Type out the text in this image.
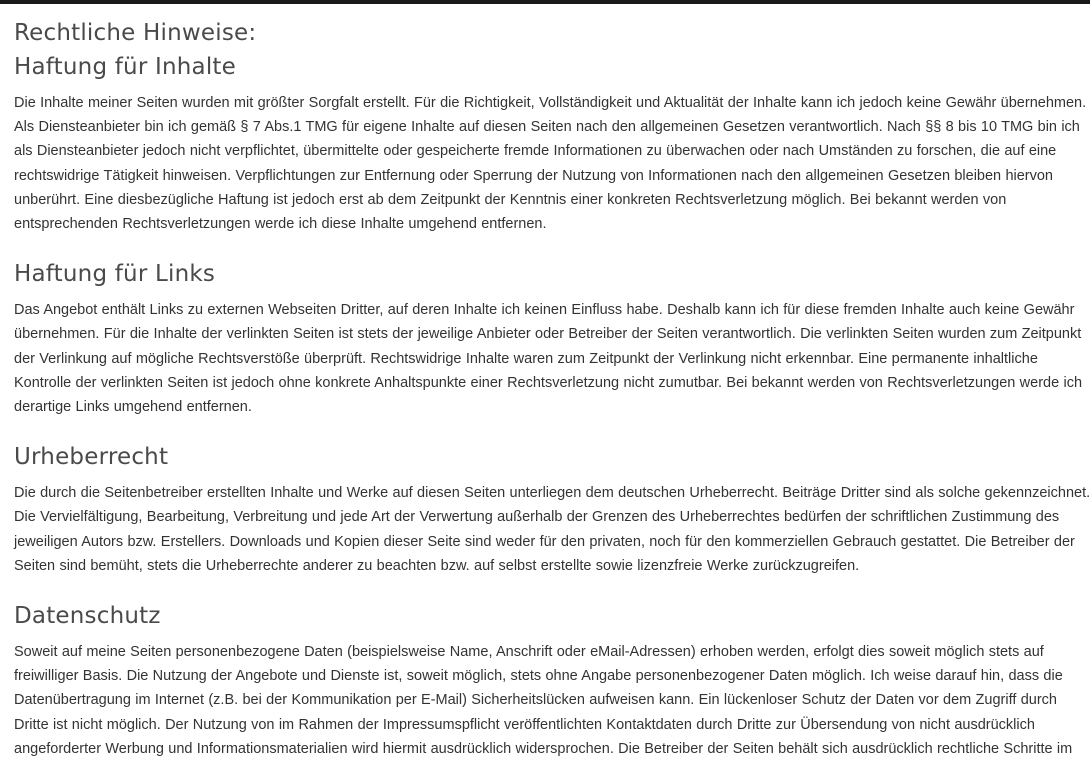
Rechtliche Hinweise:
Haftung für Inhalte

Die Inhalte meiner Seiten wurden mit größter Sorgfalt erstellt. Für die Richtigkeit, Vollständigkeit und Aktualität der Inhalte kann ich jedoch keine Gewähr übernehmen. Als Diensteanbieter bin ich gemäß § 7 Abs.1 TMG für eigene Inhalte auf diesen Seiten nach den allgemeinen Gesetzen verantwortlich. Nach §§ 8 bis 10 TMG bin ich als Diensteanbieter jedoch nicht verpflichtet, übermittelte oder gespeicherte fremde Informationen zu überwachen oder nach Umständen zu forschen, die auf eine rechtswidrige Tätigkeit hinweisen. Verpflichtungen zur Entfernung oder Sperrung der Nutzung von Informationen nach den allgemeinen Gesetzen bleiben hiervon unberührt. Eine diesbezügliche Haftung ist jedoch erst ab dem Zeitpunkt der Kenntnis einer konkreten Rechtsverletzung möglich. Bei bekannt werden von entsprechenden Rechtsverletzungen werde ich diese Inhalte umgehend entfernen.

Haftung für Links

Das Angebot enthält Links zu externen Webseiten Dritter, auf deren Inhalte ich keinen Einfluss habe. Deshalb kann ich für diese fremden Inhalte auch keine Gewähr übernehmen. Für die Inhalte der verlinkten Seiten ist stets der jeweilige Anbieter oder Betreiber der Seiten verantwortlich. Die verlinkten Seiten wurden zum Zeitpunkt der Verlinkung auf mögliche Rechtsverstöße überprüft. Rechtswidrige Inhalte waren zum Zeitpunkt der Verlinkung nicht erkennbar. Eine permanente inhaltliche Kontrolle der verlinkten Seiten ist jedoch ohne konkrete Anhaltspunkte einer Rechtsverletzung nicht zumutbar. Bei bekannt werden von Rechtsverletzungen werde ich derartige Links umgehend entfernen.

Urheberrecht

Die durch die Seitenbetreiber erstellten Inhalte und Werke auf diesen Seiten unterliegen dem deutschen Urheberrecht. Beiträge Dritter sind als solche gekennzeichnet. Die Vervielfältigung, Bearbeitung, Verbreitung und jede Art der Verwertung außerhalb der Grenzen des Urheberrechtes bedürfen der schriftlichen Zustimmung des jeweiligen Autors bzw. Erstellers. Downloads und Kopien dieser Seite sind weder für den privaten, noch für den kommerziellen Gebrauch gestattet. Die Betreiber der Seiten sind bemüht, stets die Urheberrechte anderer zu beachten bzw. auf selbst erstellte sowie lizenzfreie Werke zurückzugreifen.

Datenschutz

Soweit auf meine Seiten personenbezogene Daten (beispielsweise Name, Anschrift oder eMail-Adressen) erhoben werden, erfolgt dies soweit möglich stets auf freiwilliger Basis. Die Nutzung der Angebote und Dienste ist, soweit möglich, stets ohne Angabe personenbezogener Daten möglich. Ich weise darauf hin, dass die Datenübertragung im Internet (z.B. bei der Kommunikation per E-Mail) Sicherheitslücken aufweisen kann. Ein lückenloser Schutz der Daten vor dem Zugriff durch Dritte ist nicht möglich. Der Nutzung von im Rahmen der Impressumspflicht veröffentlichten Kontaktdaten durch Dritte zur Übersendung von nicht ausdrücklich angeforderter Werbung und Informationsmaterialien wird hiermit ausdrücklich widersprochen. Die Betreiber der Seiten behält sich ausdrücklich rechtliche Schritte im
